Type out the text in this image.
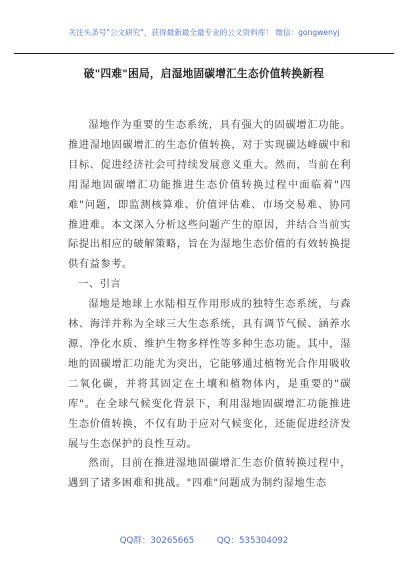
关注头条号"公文研究"，获得最新最全最专业的公文资料库！ 微信：gongwenyj
破"四难"困局，启湿地固碳增汇生态价值转换新程

湿地作为重要的生态系统，具有强大的固碳增汇功能。推进湿地固碳增汇的生态价值转换，对于实现碳达峰碳中和目标、促进经济社会可持续发展意义重大。然而，当前在利用湿地固碳增汇功能推进生态价值转换过程中面临着"四难"问题，即监测核算难、价值评估难、市场交易难、协同推进难。本文深入分析这些问题产生的原因，并结合当前实际提出相应的破解策略，旨在为湿地生态价值的有效转换提供有益参考。

一、引言

湿地是地球上水陆相互作用形成的独特生态系统，与森林、海洋并称为全球三大生态系统，具有调节气候、涵养水源、净化水质、维护生物多样性等多种生态功能。其中，湿地的固碳增汇功能尤为突出，它能够通过植物光合作用吸收二氧化碳，并将其固定在土壤和植物体内，是重要的"碳库"。在全球气候变化背景下，利用湿地固碳增汇功能推进生态价值转换，不仅有助于应对气候变化，还能促进经济发展与生态保护的良性互动。

然而，目前在推进湿地固碳增汇生态价值转换过程中，遇到了诸多困难和挑战。"四难"问题成为制约湿地生态

QQ群：30265665	QQ：535304092
